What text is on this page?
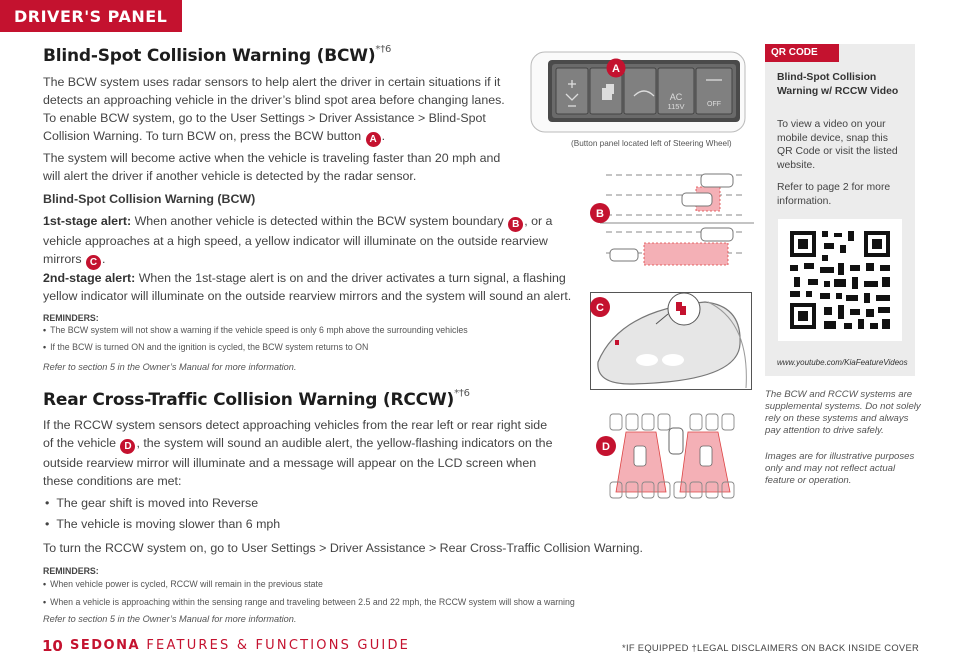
DRIVER'S PANEL
Blind-Spot Collision Warning (BCW)$^{*\dagger 6}$
The BCW system uses radar sensors to help alert the driver in certain situations if it
detects an approaching vehicle in the driver’s blind spot area before changing lanes.
To enable BCW system, go to the User Settings > Driver Assistance > Blind-Spot
Collision Warning. To turn BCW on, press the BCW button A .
The system will become active when the vehicle is traveling faster than 20 mph and
will alert the driver if another vehicle is detected by the radar sensor.
Blind-Spot Collision Warning (BCW)
1st-stage alert: When another vehicle is detected within the BCW system boundary B , or a
vehicle approaches at a high speed, a yellow indicator will illuminate on the outside rearview
mirrors C .
2nd-stage alert: When the 1st-stage alert is on and the driver activates a turn signal, a flashing
yellow indicator will illuminate on the outside rearview mirrors and the system will sound an alert.
REMINDERS:
• The BCW system will not show a warning if the vehicle speed is only 6 mph above the surrounding vehicles
• If the BCW is turned ON and the ignition is cycled, the BCW system returns to ON
Refer to section 5 in the Owner’s Manual for more information.
Rear Cross-Traffic Collision Warning (RCCW)$^{*\dagger 6}$
If the RCCW system sensors detect approaching vehicles from the rear left or rear right side
of the vehicle D , the system will sound an audible alert, the yellow-flashing indicators on the
outside rearview mirror will illuminate and a message will appear on the LCD screen when
these conditions are met:
• The gear shift is moved into Reverse
• The vehicle is moving slower than 6 mph
To turn the RCCW system on, go to User Settings > Driver Assistance > Rear Cross-Traffic Collision Warning.
REMINDERS:
• When vehicle power is cycled, RCCW will remain in the previous state
• When a vehicle is approaching within the sensing range and traveling between 2.5 and 22 mph, the RCCW system will show a warning
Refer to section 5 in the Owner’s Manual for more information.
AC
115V	OFF
A
(Button panel located left of Steering Wheel)
B
C
D
QR CODE
Blind-Spot Collision Warning w/ RCCW Video
To view a video on your mobile device, snap this QR Code or visit the listed website.
Refer to page 2 for more information.
www.youtube.com/KiaFeatureVideos
The BCW and RCCW systems are supplemental systems. Do not solely rely on these systems and always pay attention to drive safely.
Images are for illustrative purposes only and may not reflect actual feature or operation.
10 SEDONA FEATURES & FUNCTIONS GUIDE	*IF EQUIPPED †LEGAL DISCLAIMERS ON BACK INSIDE COVER
